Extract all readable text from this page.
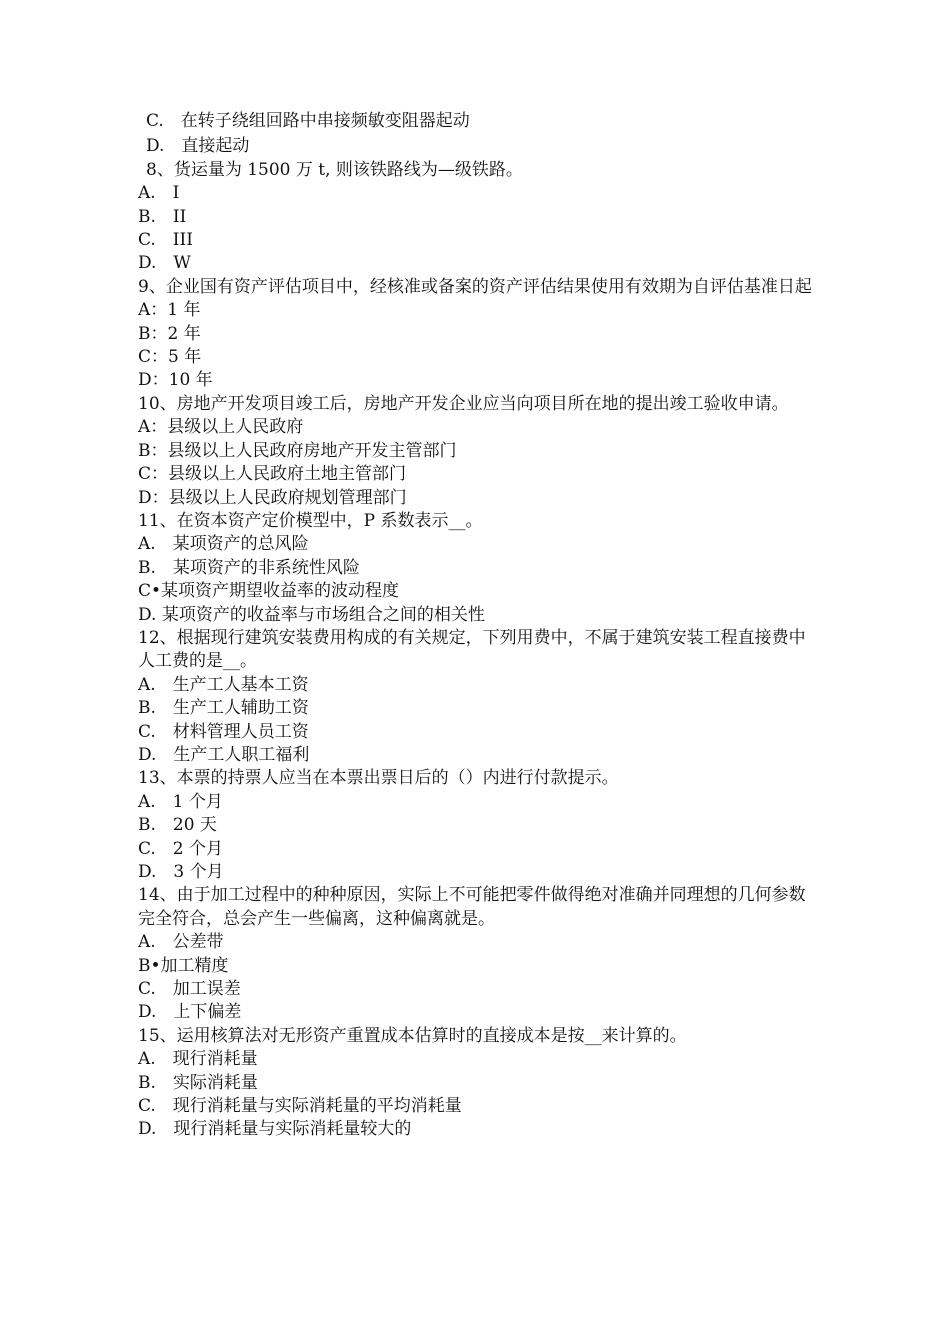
C.　在转子绕组回路中串接频敏变阻器起动
D.　直接起动
8、货运量为 1500 万 t, 则该铁路线为—级铁路。
A.　I
B.　II
C.　III
D.　W
9、企业国有资产评估项目中，经核准或备案的资产评估结果使用有效期为自评估基准日起
A：1 年
B：2 年
C：5 年
D：10 年
10、房地产开发项目竣工后，房地产开发企业应当向项目所在地的提出竣工验收申请。
A：县级以上人民政府
B：县级以上人民政府房地产开发主管部门
C：县级以上人民政府土地主管部门
D：县级以上人民政府规划管理部门
11、在资本资产定价模型中，P 系数表示__。
A.　某项资产的总风险
B.　某项资产的非系统性风险
C•某项资产期望收益率的波动程度
D. 某项资产的收益率与市场组合之间的相关性
12、根据现行建筑安装费用构成的有关规定，下列用费中，不属于建筑安装工程直接费中人工费的是__。
A.　生产工人基本工资
B.　生产工人辅助工资
C.　材料管理人员工资
D.　生产工人职工福利
13、本票的持票人应当在本票出票日后的（）内进行付款提示。
A.　1 个月
B.　20 天
C.　2 个月
D.　3 个月
14、由于加工过程中的种种原因，实际上不可能把零件做得绝对准确并同理想的几何参数完全符合，总会产生一些偏离，这种偏离就是。
A.　公差带
B•加工精度
C.　加工误差
D.　上下偏差
15、运用核算法对无形资产重置成本估算时的直接成本是按__来计算的。
A.　现行消耗量
B.　实际消耗量
C.　现行消耗量与实际消耗量的平均消耗量
D.　现行消耗量与实际消耗量较大的
